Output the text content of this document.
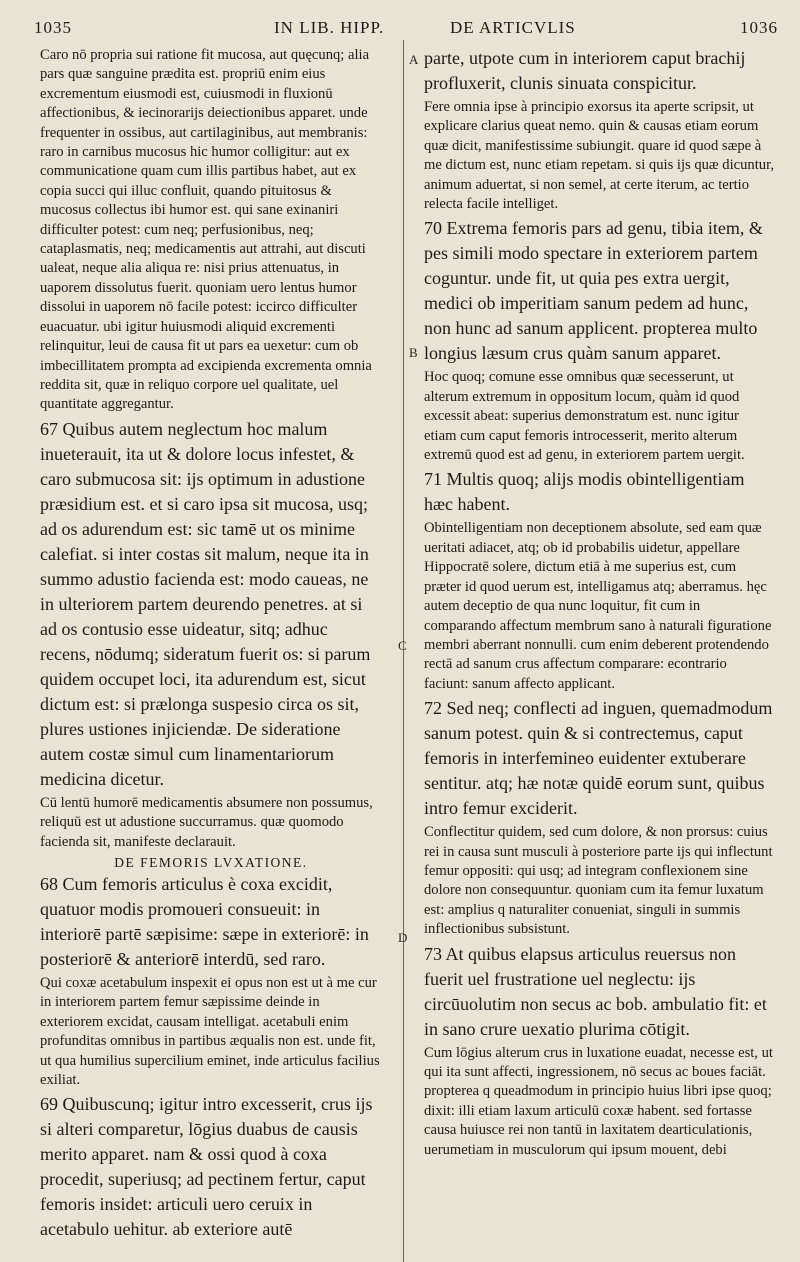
1035	IN LIB. HIPP.	DE ARTICVLIS	1036
A
B
C
D

Caro nō propria sui ratione fit mucosa, aut quęcunq; alia pars quæ sanguine prædita est. propriū enim eius excrementum eiusmodi est, cuiusmodi in fluxionū affectionibus, & iecinorarijs deiectionibus apparet. unde frequenter in ossibus, aut cartilaginibus, aut membranis: raro in carnibus mucosus hic humor colligitur: aut ex communicatione quam cum illis partibus habet, aut ex copia succi qui illuc confluit, quando pituitosus & mucosus collectus ibi humor est. qui sane exinaniri difficulter potest: cum neq; perfusionibus, neq; cataplasmatis, neq; medicamentis aut attrahi, aut discuti ualeat, neque alia aliqua re: nisi prius attenuatus, in uaporem dissolutus fuerit. quoniam uero lentus humor dissolui in uaporem nō facile potest: iccirco difficulter euacuatur. ubi igitur huiusmodi aliquid excrementi relinquitur, leui de causa fit ut pars ea uexetur: cum ob imbecillitatem prompta ad excipienda excrementa omnia reddita sit, quæ in reliquo corpore uel qualitate, uel quantitate aggregantur.

67 Quibus autem neglectum hoc malum inueterauit, ita ut & dolore locus infestet, & caro submucosa sit: ijs optimum in adustione præsidium est. et si caro ipsa sit mucosa, usq; ad os adurendum est: sic tamē ut os minime calefiat. si inter costas sit malum, neque ita in summo adustio facienda est: modo caueas, ne in ulteriorem partem deurendo penetres. at si ad os contusio esse uideatur, sitq; adhuc recens, nōdumq; sideratum fuerit os: si parum quidem occupet loci, ita adurendum est, sicut dictum est: si prælonga suspesio circa os sit, plures ustiones injiciendæ. De sideratione autem costæ simul cum linamentariorum medicina dicetur.

Cū lentū humorē medicamentis absumere non possumus, reliquū est ut adustione succurramus. quæ quomodo facienda sit, manifeste declarauit.

DE FEMORIS LVXATIONE.

68 Cum femoris articulus è coxa excidit, quatuor modis promoueri consueuit: in interiorē partē sæpisime: sæpe in exteriorē: in posteriorē & anteriorē interdū, sed raro.

Qui coxæ acetabulum inspexit ei opus non est ut à me cur in interiorem partem femur sæpissime deinde in exteriorem excidat, causam intelligat. acetabuli enim profunditas omnibus in partibus æqualis non est. unde fit, ut qua humilius supercilium eminet, inde articulus facilius exiliat.

69 Quibuscunq; igitur intro excesserit, crus ijs si alteri comparetur, lōgius duabus de causis merito apparet. nam & ossi quod à coxa procedit, superiusq; ad pectinem fertur, caput femoris insidet: articuli uero ceruix in acetabulo uehitur. ab exteriore autē

parte, utpote cum in interiorem caput brachij profluxerit, clunis sinuata conspicitur.

Fere omnia ipse à principio exorsus ita aperte scripsit, ut explicare clarius queat nemo. quin & causas etiam eorum quæ dicit, manifestissime subiungit. quare id quod sæpe à me dictum est, nunc etiam repetam. si quis ijs quæ dicuntur, animum aduertat, si non semel, at certe iterum, ac tertio relecta facile intelliget.

70 Extrema femoris pars ad genu, tibia item, & pes simili modo spectare in exteriorem partem coguntur. unde fit, ut quia pes extra uergit, medici ob imperitiam sanum pedem ad hunc, non hunc ad sanum applicent. propterea multo longius læsum crus quàm sanum apparet.

Hoc quoq; comune esse omnibus quæ secesserunt, ut alterum extremum in oppositum locum, quàm id quod excessit abeat: superius demonstratum est. nunc igitur etiam cum caput femoris introcesserit, merito alterum extremū quod est ad genu, in exteriorem partem uergit.

71 Multis quoq; alijs modis obintelligentiam hæc habent.

Obintelligentiam non deceptionem absolute, sed eam quæ ueritati adiacet, atq; ob id probabilis uidetur, appellare Hippocratē solere, dictum etiā à me superius est, cum præter id quod uerum est, intelligamus atq; aberramus. hęc autem deceptio de qua nunc loquitur, fit cum in comparando affectum membrum sano à naturali figuratione membri aberrant nonnulli. cum enim deberent protendendo rectā ad sanum crus affectum comparare: econtrario faciunt: sanum affecto applicant.

72 Sed neq; conflecti ad inguen, quemadmodum sanum potest. quin & si contrectemus, caput femoris in interfemineo euidenter extuberare sentitur. atq; hæ notæ quidē eorum sunt, quibus intro femur exciderit.

Conflectitur quidem, sed cum dolore, & non prorsus: cuius rei in causa sunt musculi à posteriore parte ijs qui inflectunt femur oppositi: qui usq; ad integram conflexionem sine dolore non consequuntur. quoniam cum ita femur luxatum est: amplius q naturaliter conueniat, singuli in summis inflectionibus subsistunt.

73 At quibus elapsus articulus reuersus non fuerit uel frustratione uel neglectu: ijs circūuolutim non secus ac bob. ambulatio fit: et in sano crure uexatio plurima cōtigit.

Cum lōgius alterum crus in luxatione euadat, necesse est, ut qui ita sunt affecti, ingressionem, nō secus ac boues faciāt. propterea q queadmodum in principio huius libri ipse quoq; dixit: illi etiam laxum articulū coxæ habent. sed fortasse causa huiusce rei non tantū in laxitatem dearticulationis, uerumetiam in musculorum qui ipsum mouent, debi
